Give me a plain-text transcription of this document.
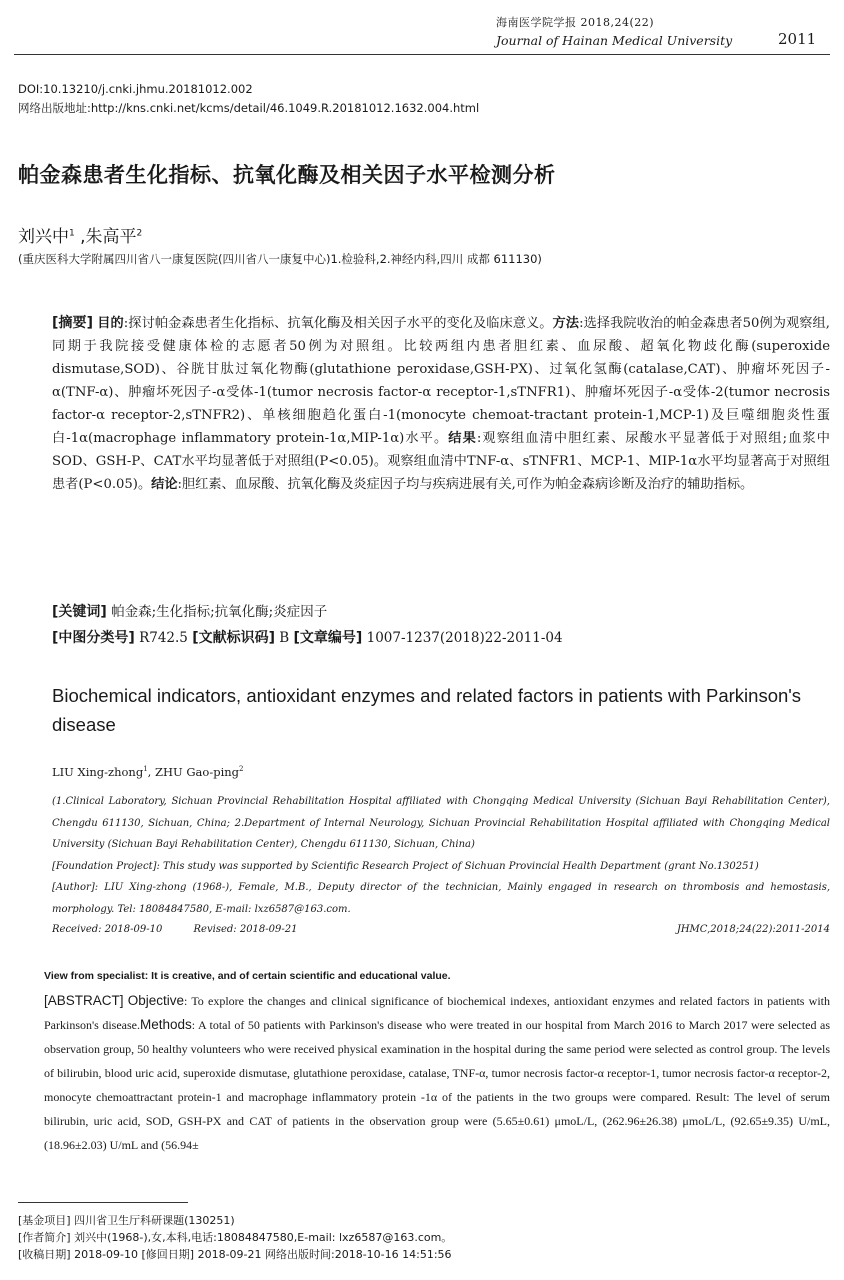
海南医学院学报 2018,24(22)
Journal of Hainan Medical University	2011
DOI:10.13210/j.cnki.jhmu.20181012.002
网络出版地址:http://kns.cnki.net/kcms/detail/46.1049.R.20181012.1632.004.html
帕金森患者生化指标、抗氧化酶及相关因子水平检测分析
刘兴中$^1$ ,朱高平$^2$
(重庆医科大学附属四川省八一康复医院(四川省八一康复中心)1.检验科,2.神经内科,四川 成都 611130)
[摘要] 目的:探讨帕金森患者生化指标、抗氧化酶及相关因子水平的变化及临床意义。方法:选择我院收治的帕金森患者50例为观察组,同期于我院接受健康体检的志愿者50例为对照组。比较两组内患者胆红素、血尿酸、超氧化物歧化酶(superoxide dismutase,SOD)、谷胱甘肽过氧化物酶(glutathione peroxidase,GSH-PX)、过氧化氢酶(catalase,CAT)、肿瘤坏死因子-α(TNF-α)、肿瘤坏死因子-α受体-1(tumor necrosis factor-α receptor-1,sTNFR1)、肿瘤坏死因子-α受体-2(tumor necrosis factor-α receptor-2,sTNFR2)、单核细胞趋化蛋白-1(monocyte chemoat-tractant protein-1,MCP-1)及巨噬细胞炎性蛋白-1α(macrophage inflammatory protein-1α,MIP-1α)水平。结果:观察组血清中胆红素、尿酸水平显著低于对照组;血浆中SOD、GSH-P、CAT水平均显著低于对照组(P<0.05)。观察组血清中TNF-α、sTNFR1、MCP-1、MIP-1α水平均显著高于对照组患者(P<0.05)。结论:胆红素、血尿酸、抗氧化酶及炎症因子均与疾病进展有关,可作为帕金森病诊断及治疗的辅助指标。
[关键词] 帕金森;生化指标;抗氧化酶;炎症因子
[中图分类号] R742.5 [文献标识码] B [文章编号] 1007-1237(2018)22-2011-04
Biochemical indicators, antioxidant enzymes and related factors in patients with Parkinson's disease
LIU Xing-zhong$^1$, ZHU Gao-ping$^2$
(1.Clinical Laboratory, Sichuan Provincial Rehabilitation Hospital affiliated with Chongqing Medical University (Sichuan Bayi Rehabilitation Center), Chengdu 611130, Sichuan, China; 2.Department of Internal Neurology, Sichuan Provincial Rehabilitation Hospital affiliated with Chongqing Medical University (Sichuan Bayi Rehabilitation Center), Chengdu 611130, Sichuan, China)
[Foundation Project]: This study was supported by Scientific Research Project of Sichuan Provincial Health Department (grant No.130251)
[Author]: LIU Xing-zhong (1968-), Female, M.B., Deputy director of the technician, Mainly engaged in research on thrombosis and hemostasis, morphology. Tel: 18084847580, E-mail: lxz6587@163.com.
Received: 2018-09-10	Revised: 2018-09-21	JHMC,2018;24(22):2011-2014
View from specialist: It is creative, and of certain scientific and educational value.
[ABSTRACT] Objective: To explore the changes and clinical significance of biochemical indexes, antioxidant enzymes and related factors in patients with Parkinson's disease.Methods: A total of 50 patients with Parkinson's disease who were treated in our hospital from March 2016 to March 2017 were selected as observation group, 50 healthy volunteers who were received physical examination in the hospital during the same period were selected as control group. The levels of bilirubin, blood uric acid, superoxide dismutase, glutathione peroxidase, catalase, TNF-α, tumor necrosis factor-α receptor-1, tumor necrosis factor-α receptor-2, monocyte chemoattractant protein-1 and macrophage inflammatory protein -1α of the patients in the two groups were compared. Result: The level of serum bilirubin, uric acid, SOD, GSH-PX and CAT of patients in the observation group were (5.65±0.61) μmoL/L, (262.96±26.38) μmoL/L, (92.65±9.35) U/mL, (18.96±2.03) U/mL and (56.94±
[基金项目] 四川省卫生厅科研课题(130251)
[作者简介] 刘兴中(1968-),女,本科,电话:18084847580,E-mail: lxz6587@163.com。
[收稿日期] 2018-09-10 [修回日期] 2018-09-21 网络出版时间:2018-10-16 14:51:56
